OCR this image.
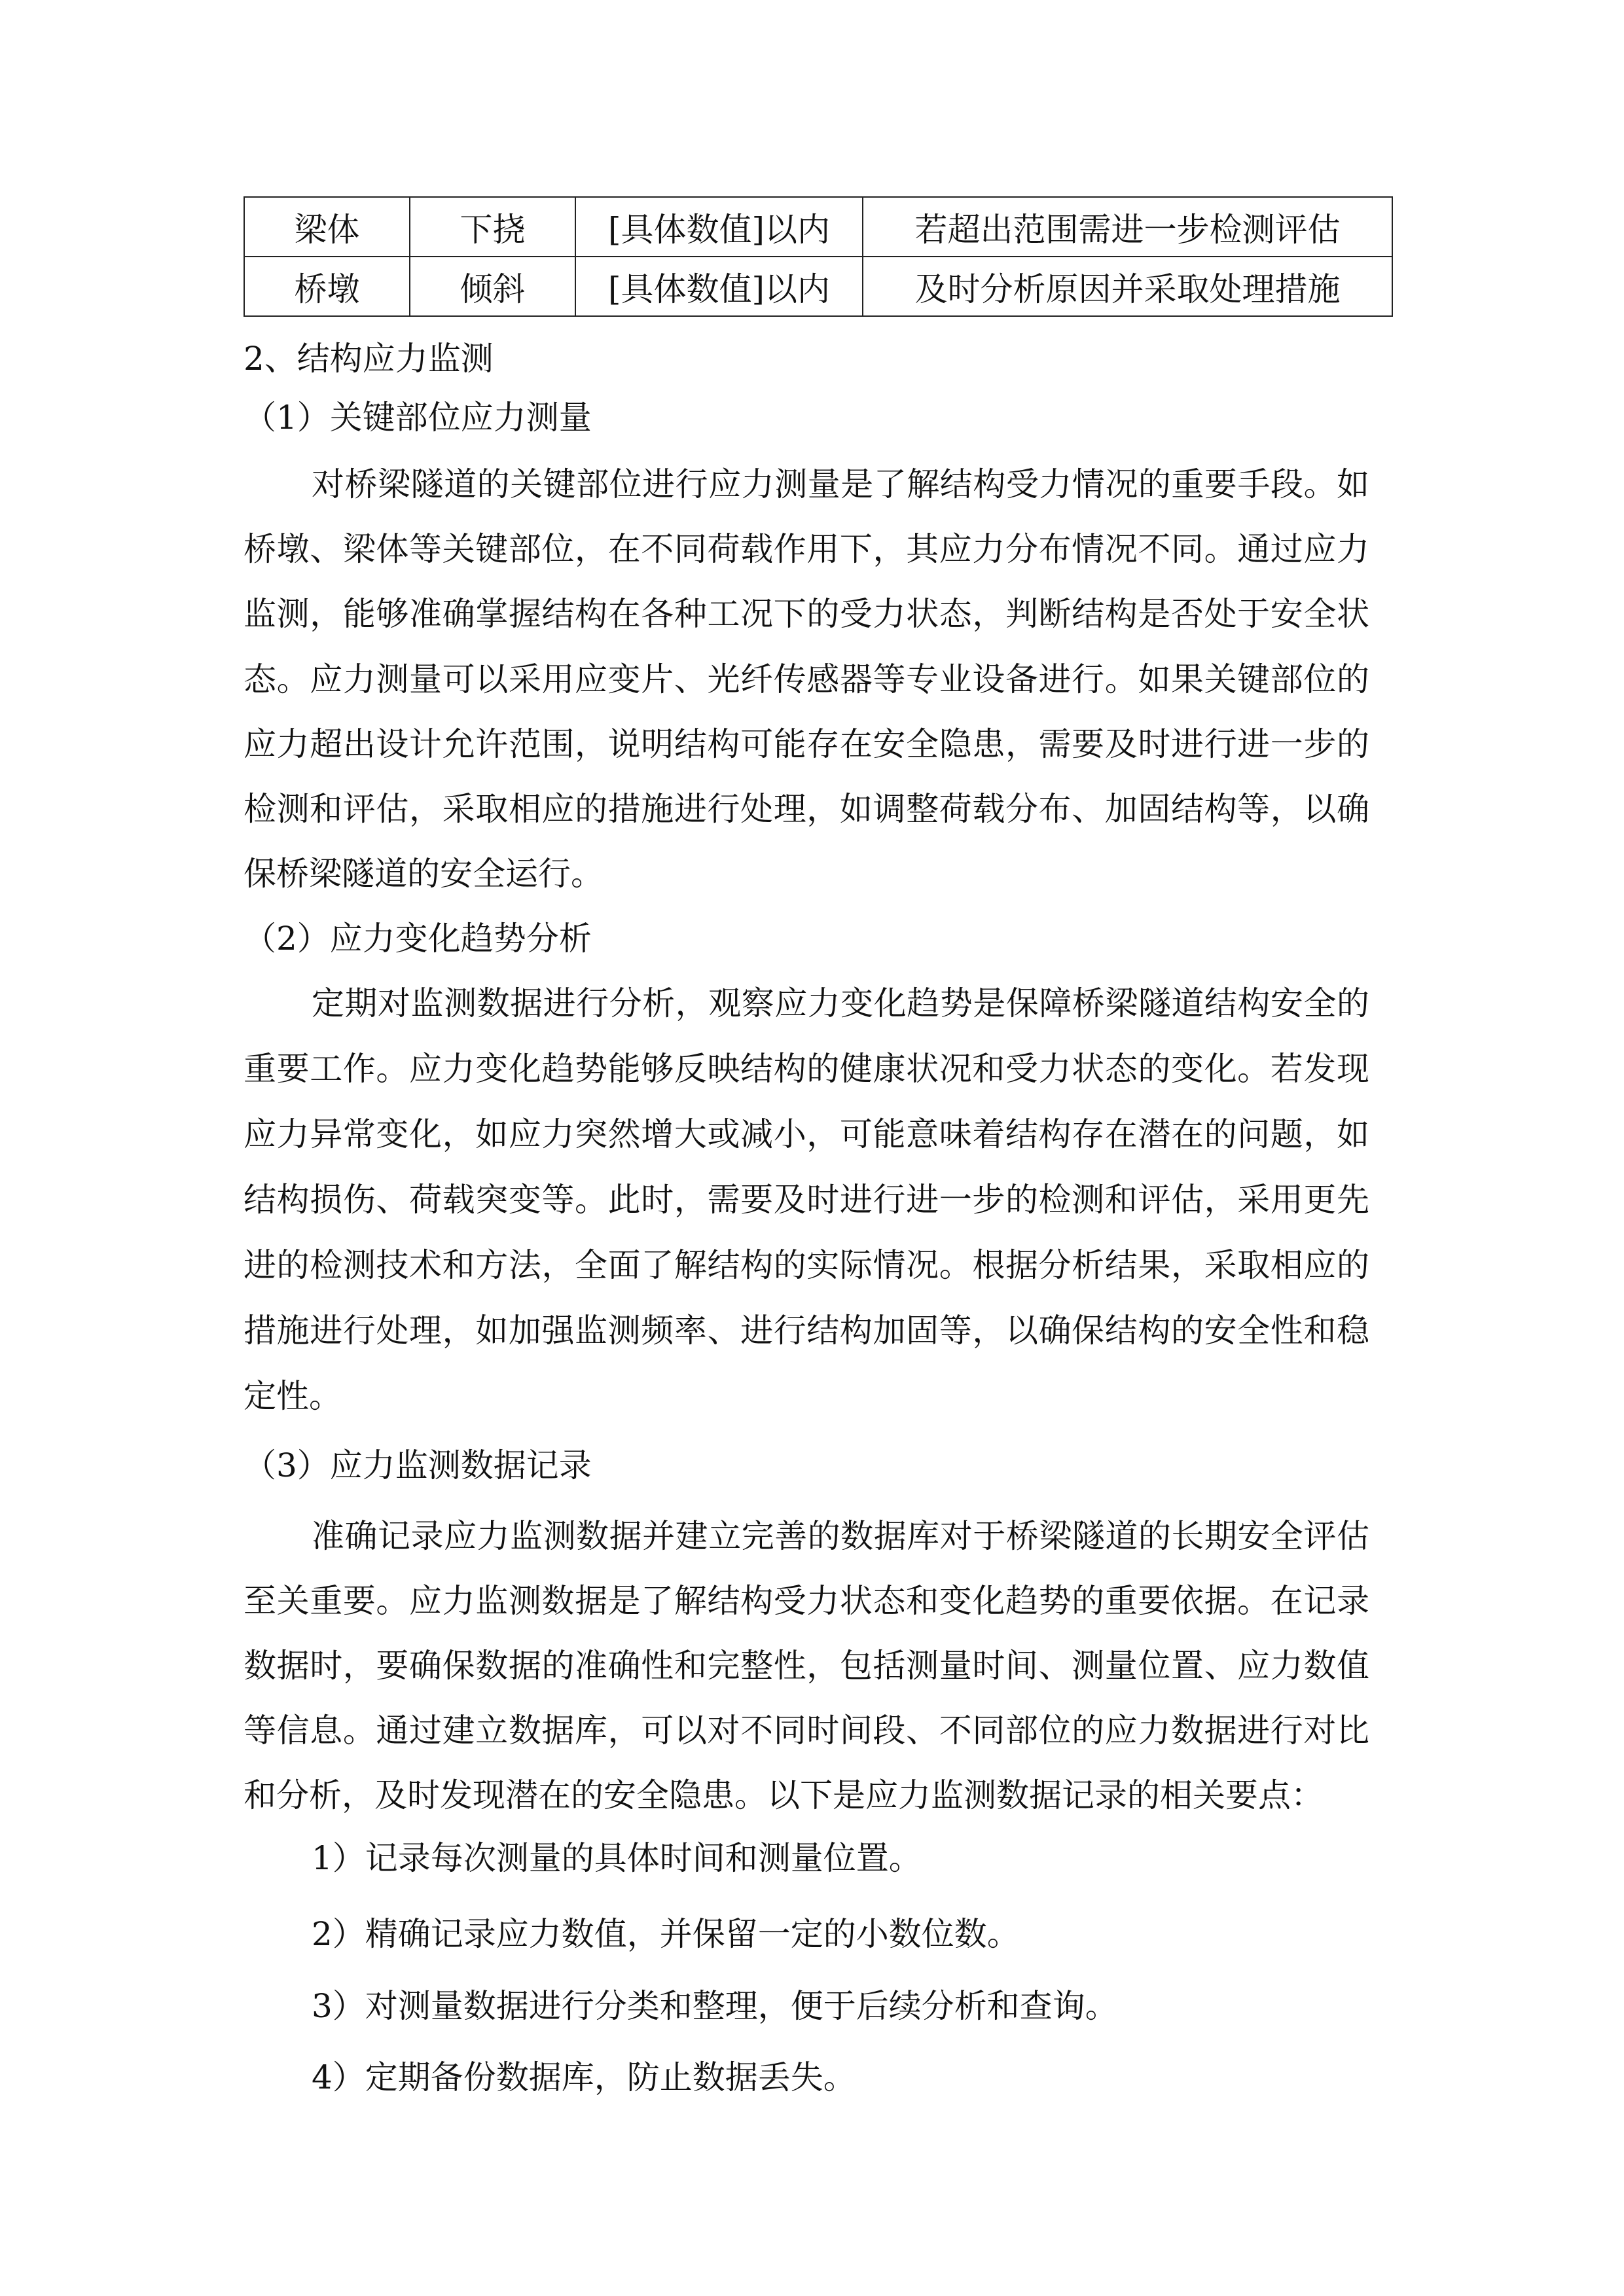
梁体	下挠	[具体数值]以内	若超出范围需进一步检测评估
桥墩	倾斜	[具体数值]以内	及时分析原因并采取处理措施
2、结构应力监测
（1）关键部位应力测量
对桥梁隧道的关键部位进行应力测量是了解结构受力情况的重要手段。如
桥墩、梁体等关键部位，在不同荷载作用下，其应力分布情况不同。通过应力
监测，能够准确掌握结构在各种工况下的受力状态，判断结构是否处于安全状
态。应力测量可以采用应变片、光纤传感器等专业设备进行。如果关键部位的
应力超出设计允许范围，说明结构可能存在安全隐患，需要及时进行进一步的
检测和评估，采取相应的措施进行处理，如调整荷载分布、加固结构等，以确
保桥梁隧道的安全运行。
（2）应力变化趋势分析
定期对监测数据进行分析，观察应力变化趋势是保障桥梁隧道结构安全的
重要工作。应力变化趋势能够反映结构的健康状况和受力状态的变化。若发现
应力异常变化，如应力突然增大或减小，可能意味着结构存在潜在的问题，如
结构损伤、荷载突变等。此时，需要及时进行进一步的检测和评估，采用更先
进的检测技术和方法，全面了解结构的实际情况。根据分析结果，采取相应的
措施进行处理，如加强监测频率、进行结构加固等，以确保结构的安全性和稳
定性。
（3）应力监测数据记录
准确记录应力监测数据并建立完善的数据库对于桥梁隧道的长期安全评估
至关重要。应力监测数据是了解结构受力状态和变化趋势的重要依据。在记录
数据时，要确保数据的准确性和完整性，包括测量时间、测量位置、应力数值
等信息。通过建立数据库，可以对不同时间段、不同部位的应力数据进行对比
和分析，及时发现潜在的安全隐患。以下是应力监测数据记录的相关要点：
1）记录每次测量的具体时间和测量位置。
2）精确记录应力数值，并保留一定的小数位数。
3）对测量数据进行分类和整理，便于后续分析和查询。
4）定期备份数据库，防止数据丢失。
